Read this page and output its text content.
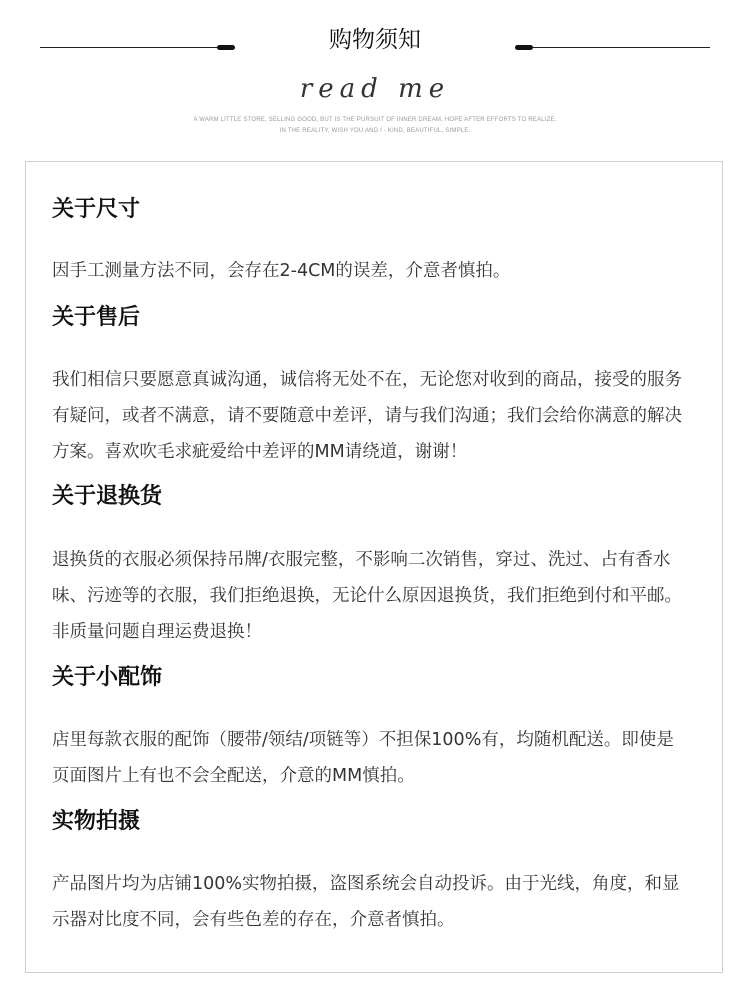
购物须知
read me
A WARM LITTLE STORE, SELLING GOOD, BUT IS THE PURSUIT OF INNER DREAM, HOPE AFTER EFFORTS TO REALIZE,
IN THE REALITY, WISH YOU AND I - KIND, BEAUTIFUL, SIMPLE.
关于尺寸
因手工测量方法不同，会存在2-4CM的误差，介意者慎拍。
关于售后
我们相信只要愿意真诚沟通，诚信将无处不在，无论您对收到的商品，接受的服务
有疑问，或者不满意，请不要随意中差评，请与我们沟通；我们会给你满意的解决
方案。喜欢吹毛求疵爱给中差评的MM请绕道，谢谢！
关于退换货
退换货的衣服必须保持吊牌/衣服完整，不影响二次销售，穿过、洗过、占有香水
味、污迹等的衣服，我们拒绝退换，无论什么原因退换货，我们拒绝到付和平邮。
非质量问题自理运费退换！
关于小配饰
店里每款衣服的配饰（腰带/领结/项链等）不担保100%有，均随机配送。即使是
页面图片上有也不会全配送，介意的MM慎拍。
实物拍摄
产品图片均为店铺100%实物拍摄，盗图系统会自动投诉。由于光线，角度，和显
示器对比度不同，会有些色差的存在，介意者慎拍。
